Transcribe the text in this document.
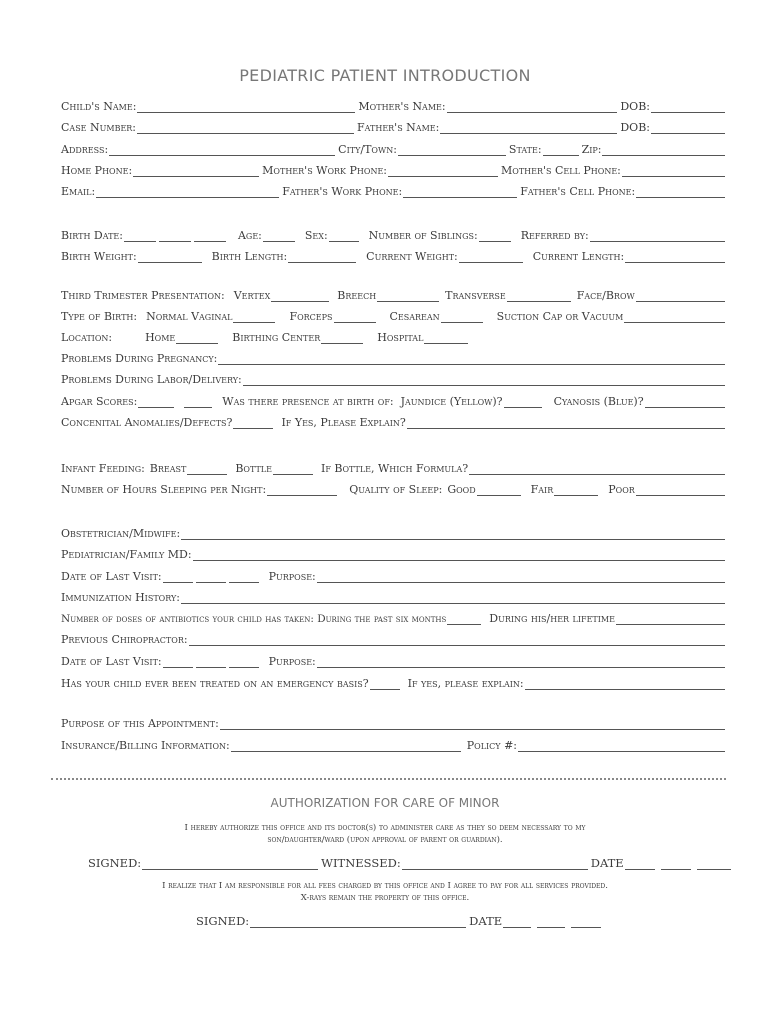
PEDIATRIC PATIENT INTRODUCTION
Child's Name:	Mother's Name:	DOB:
Case Number:	Father's Name:	DOB:
Address:	City/Town:	State:	Zip:
Home Phone:	Mother's Work Phone:	Mother's Cell Phone:
Email:	Father's Work Phone:	Father's Cell Phone:
Birth Date:	Age:	Sex:	Number of Siblings:	Referred by:
Birth Weight:	Birth Length:	Current Weight:	Current Length:
Third Trimester Presentation: Vertex	Breech	Transverse	Face/Brow
Type of Birth: Normal Vaginal	Forceps	Cesarean	Suction Cap or Vacuum
Location:	Home	Birthing Center	Hospital
Problems During Pregnancy:
Problems During Labor/Delivery:
Apgar Scores:	Was there presence at birth of: Jaundice (Yellow)?	Cyanosis (Blue)?
Concenital Anomalies/Defects?	If Yes, Please Explain?
Infant Feeding: Breast	Bottle	If Bottle, Which Formula?
Number of Hours Sleeping per Night:	Quality of Sleep: Good	Fair	Poor
Obstetrician/Midwife:
Pediatrician/Family MD:
Date of Last Visit:	Purpose:
Immunization History:
Number of doses of antibiotics your child has taken: During the past six months	During his/her lifetime
Previous Chiropractor:
Date of Last Visit:	Purpose:
Has your child ever been treated on an emergency basis?	If yes, please explain:
Purpose of this Appointment:
Insurance/Billing Information:	Policy #:
AUTHORIZATION FOR CARE OF MINOR
I hereby authorize this office and its doctor(s) to administer care as they so deem necessary to my
son/daughter/ward (upon approval of parent or guardian).
SIGNED:	WITNESSED:	DATE
I realize that I am responsible for all fees charged by this office and I agree to pay for all services provided.
X-rays remain the property of this office.
SIGNED:	DATE
